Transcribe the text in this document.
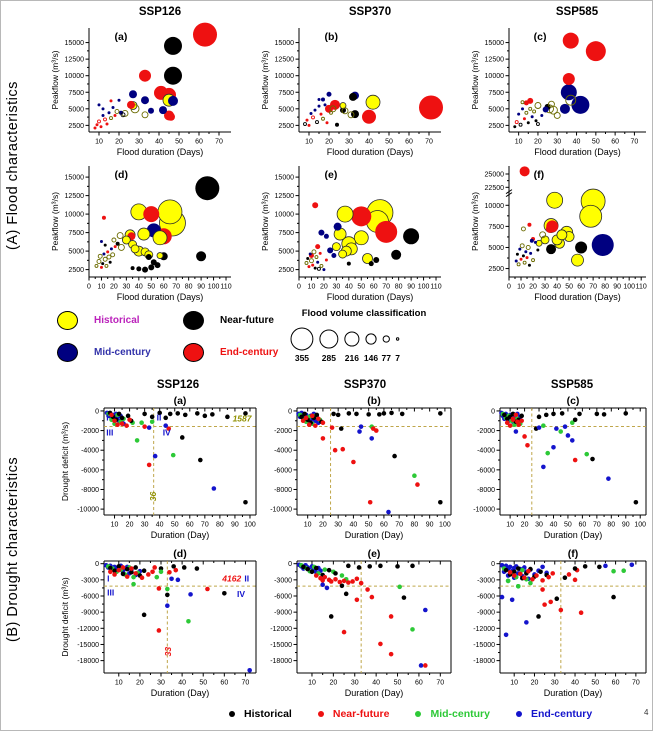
(A) Flood characteristics
(B) Drought characteristics
SSP126	SSP370	SSP585
10 20 30 40 50 60 70
2500
5000
7500
10000
12500
15000
(a)
Flood duration (Days)
Peakflow (m³/s)
10 20 30 40 50 60 70
2500
5000
7500
10000
12500
15000
(b)
Flood duration (Days)
Peakflow (m³/s)
10 20 30 40 50 60 70
2500
5000
7500
10000
12500
15000
(c)
Flood duration (Days)
Peakflow (m³/s)
0 10 20 30 40 50 60 70 80 90 100 110
2500
5000
7500
10000
12500
15000	(d)
Flood duration (Days)
Peakflow (m³/s)
0 10 20 30 40 50 60 70 80 90 100 110
2500
5000
7500
10000
12500
15000	(e)
Flood duration (Days)
Peakflow (m³/s)
0 10 20 30 40 50 60 70 80 90 100 110
2500
5000
7500
10000
22500
25000	(f)
Flood duration (Days)
Peakflow (m³/s)
Historical
Mid-century
Near-future
End-century
Flood volume classification
355 285 216 146 77 7
SSP126	SSP370	SSP585
10 20 30 40 50 60 70 80 90 100
0
-2000
-4000
-6000
-8000
-10000
1587
36
I	II
III	IV
(a)
Duration (Day)
Drought deficit (m³/s)
10 20 30 40 50 60 70 80 90 100
0
-2000
-4000
-6000
-8000
-10000
(b)
Duration (Day)
10 20 30 40 50 60 70 80 90 100
0
-2000
-4000
-6000
-8000
-10000
(c)
Duration (Day)
10 20 30 40 50 60 70
0
-3000
-6000
-9000
-12000
-15000
-18000
4162 II
I
III	IV
33
(d)
Duration (Day)
Drought deficit (m³/s)
10 20 30 40 50 60 70
0
-3000
-6000
-9000
-12000
-15000
-18000
(e)
Duration (Day)
10 20 30 40 50 60 70
0
-3000
-6000
-9000
-12000
-15000
-18000
(f)
Duration (Day)
Historical	Near-future	Mid-century	End-century	4
